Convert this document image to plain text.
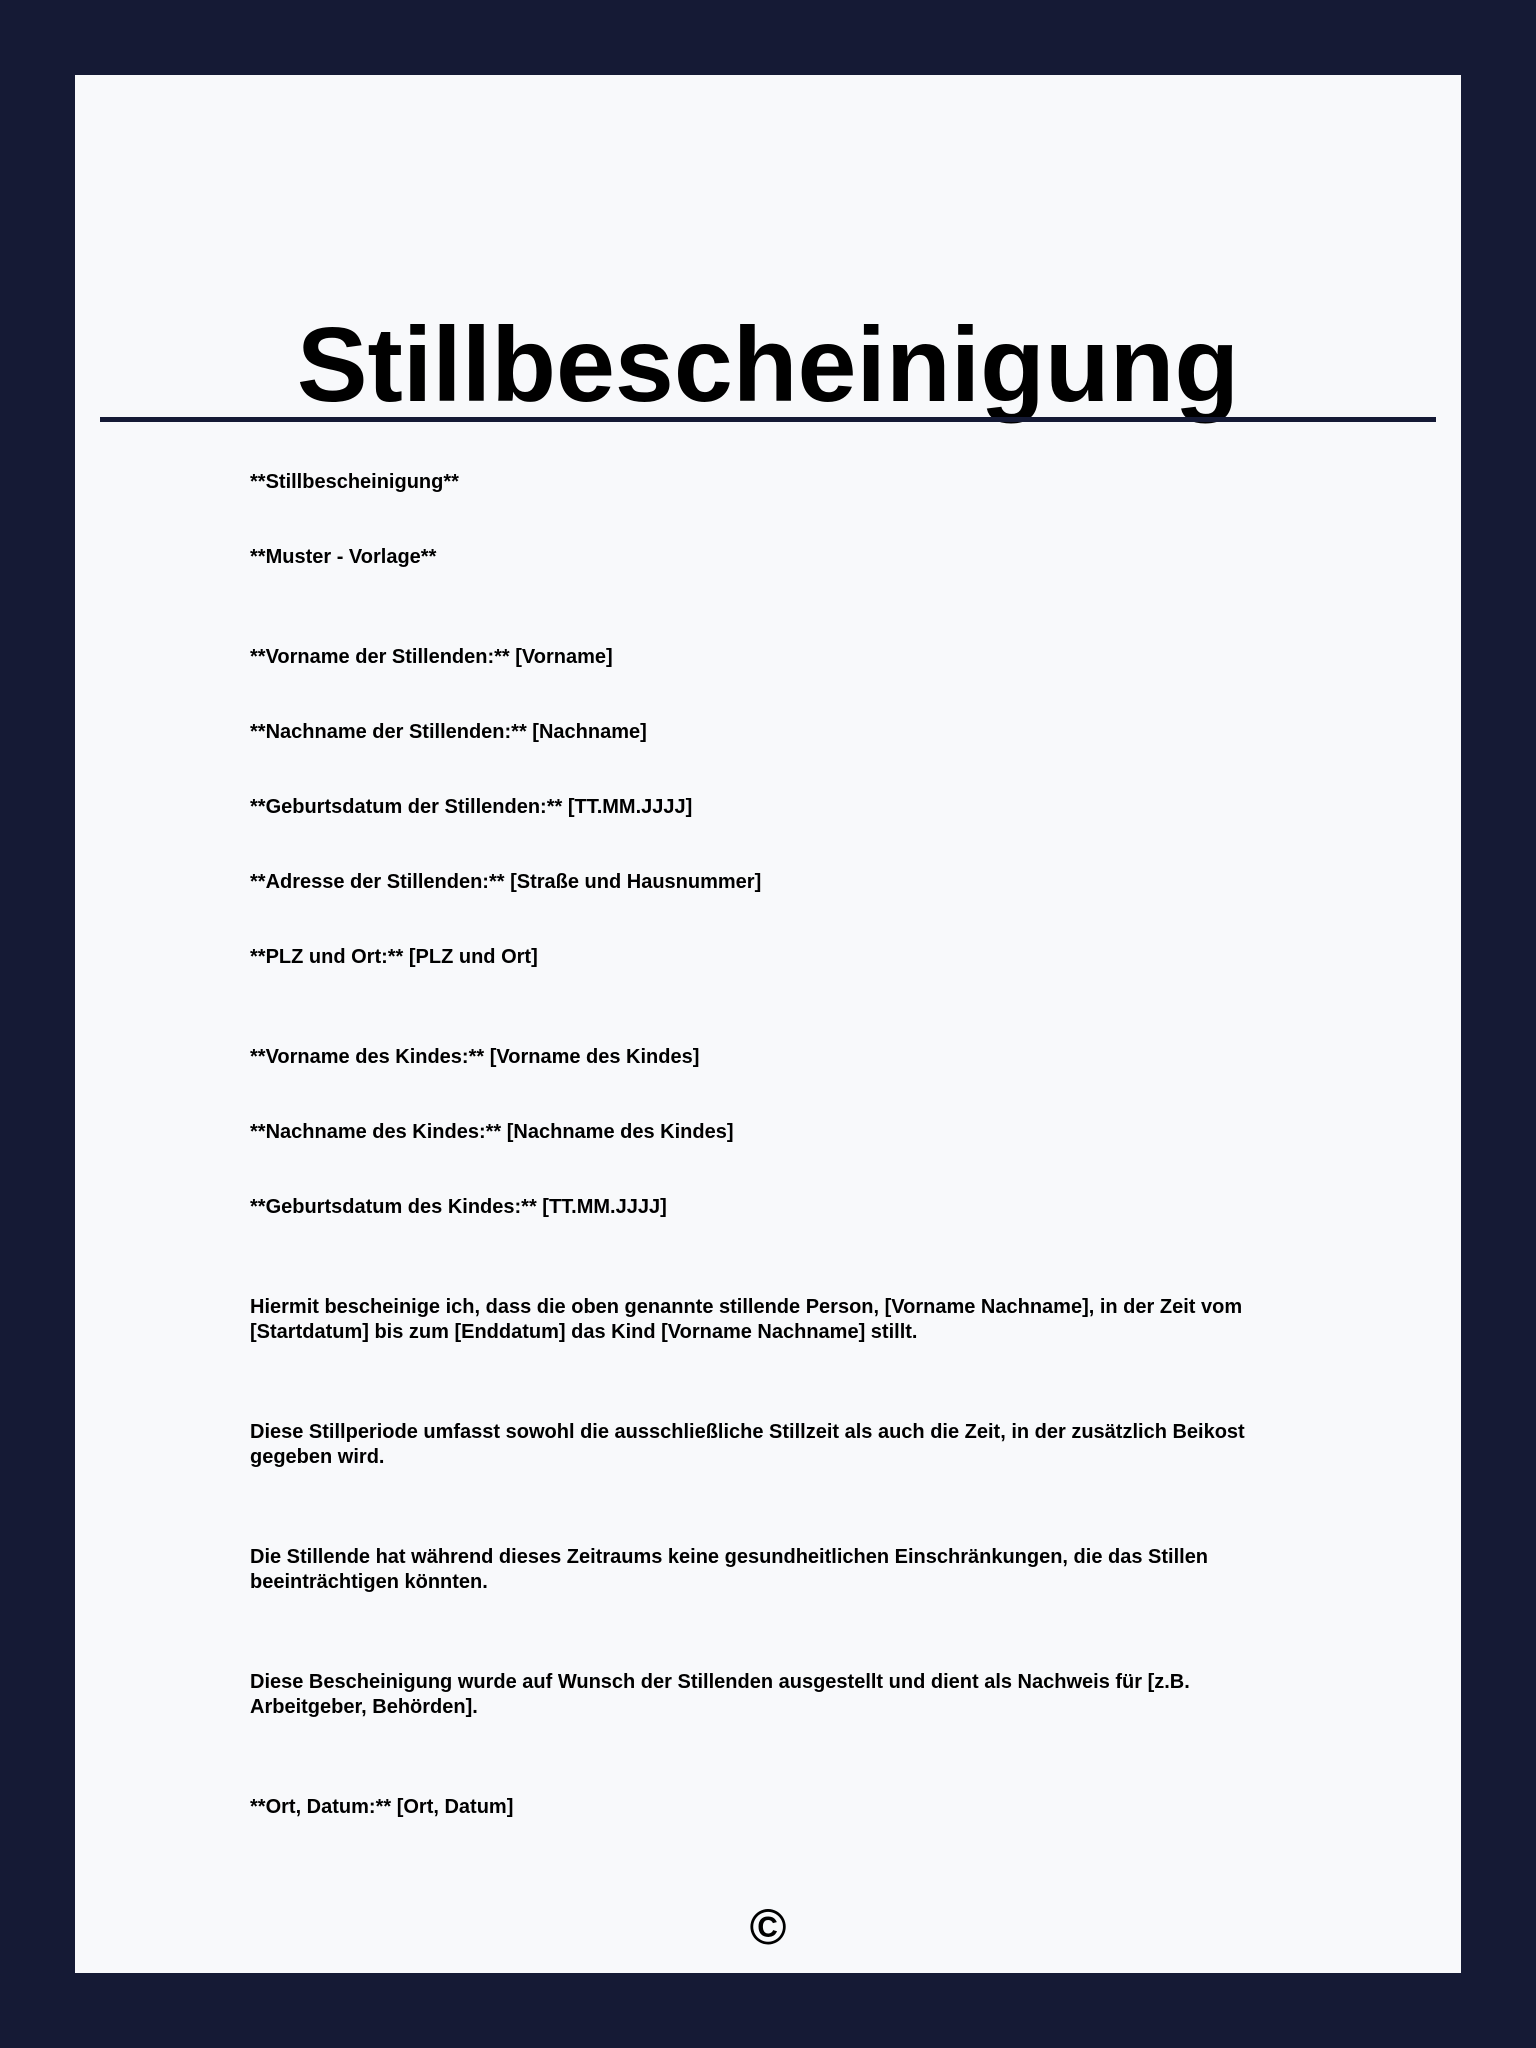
Stillbescheinigung

**Stillbescheinigung**

**Muster - Vorlage**

**Vorname der Stillenden:** [Vorname]

**Nachname der Stillenden:** [Nachname]

**Geburtsdatum der Stillenden:** [TT.MM.JJJJ]

**Adresse der Stillenden:** [Straße und Hausnummer]

**PLZ und Ort:** [PLZ und Ort]

**Vorname des Kindes:** [Vorname des Kindes]

**Nachname des Kindes:** [Nachname des Kindes]

**Geburtsdatum des Kindes:** [TT.MM.JJJJ]

Hiermit bescheinige ich, dass die oben genannte stillende Person, [Vorname Nachname], in der Zeit vom
[Startdatum] bis zum [Enddatum] das Kind [Vorname Nachname] stillt.

Diese Stillperiode umfasst sowohl die ausschließliche Stillzeit als auch die Zeit, in der zusätzlich Beikost
gegeben wird.

Die Stillende hat während dieses Zeitraums keine gesundheitlichen Einschränkungen, die das Stillen
beeinträchtigen könnten.

Diese Bescheinigung wurde auf Wunsch der Stillenden ausgestellt und dient als Nachweis für [z.B.
Arbeitgeber, Behörden].

**Ort, Datum:** [Ort, Datum]

©
